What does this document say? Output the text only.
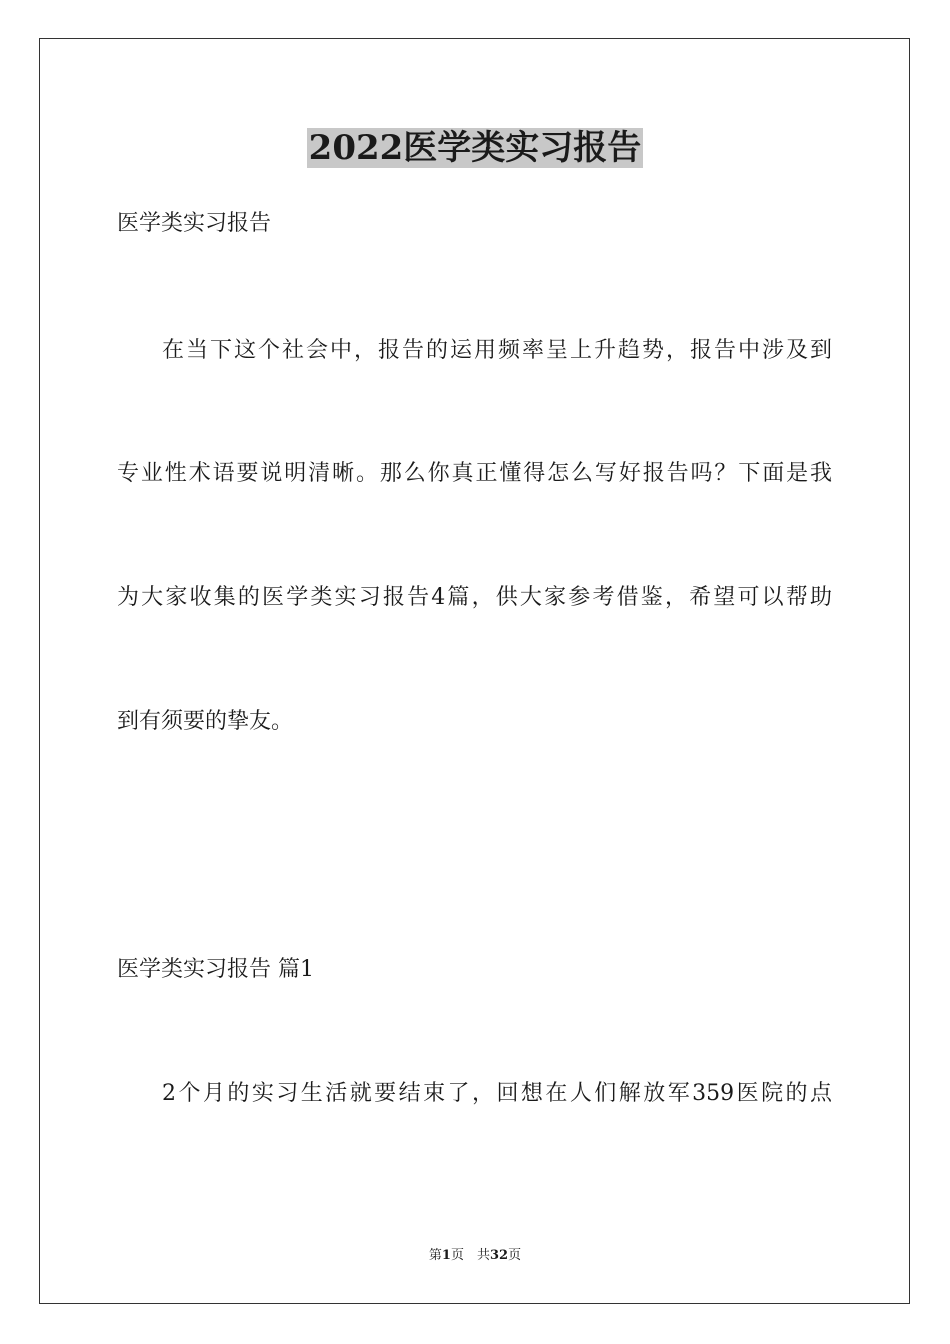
2022医学类实习报告
医学类实习报告
在当下这个社会中，报告的运用频率呈上升趋势，报告中涉及到
专业性术语要说明清晰。那么你真正懂得怎么写好报告吗？下面是我
为大家收集的医学类实习报告4篇，供大家参考借鉴，希望可以帮助
到有须要的挚友。
医学类实习报告 篇1
2个月的实习生活就要结束了，回想在人们解放军359医院的点
第1页　共32页
